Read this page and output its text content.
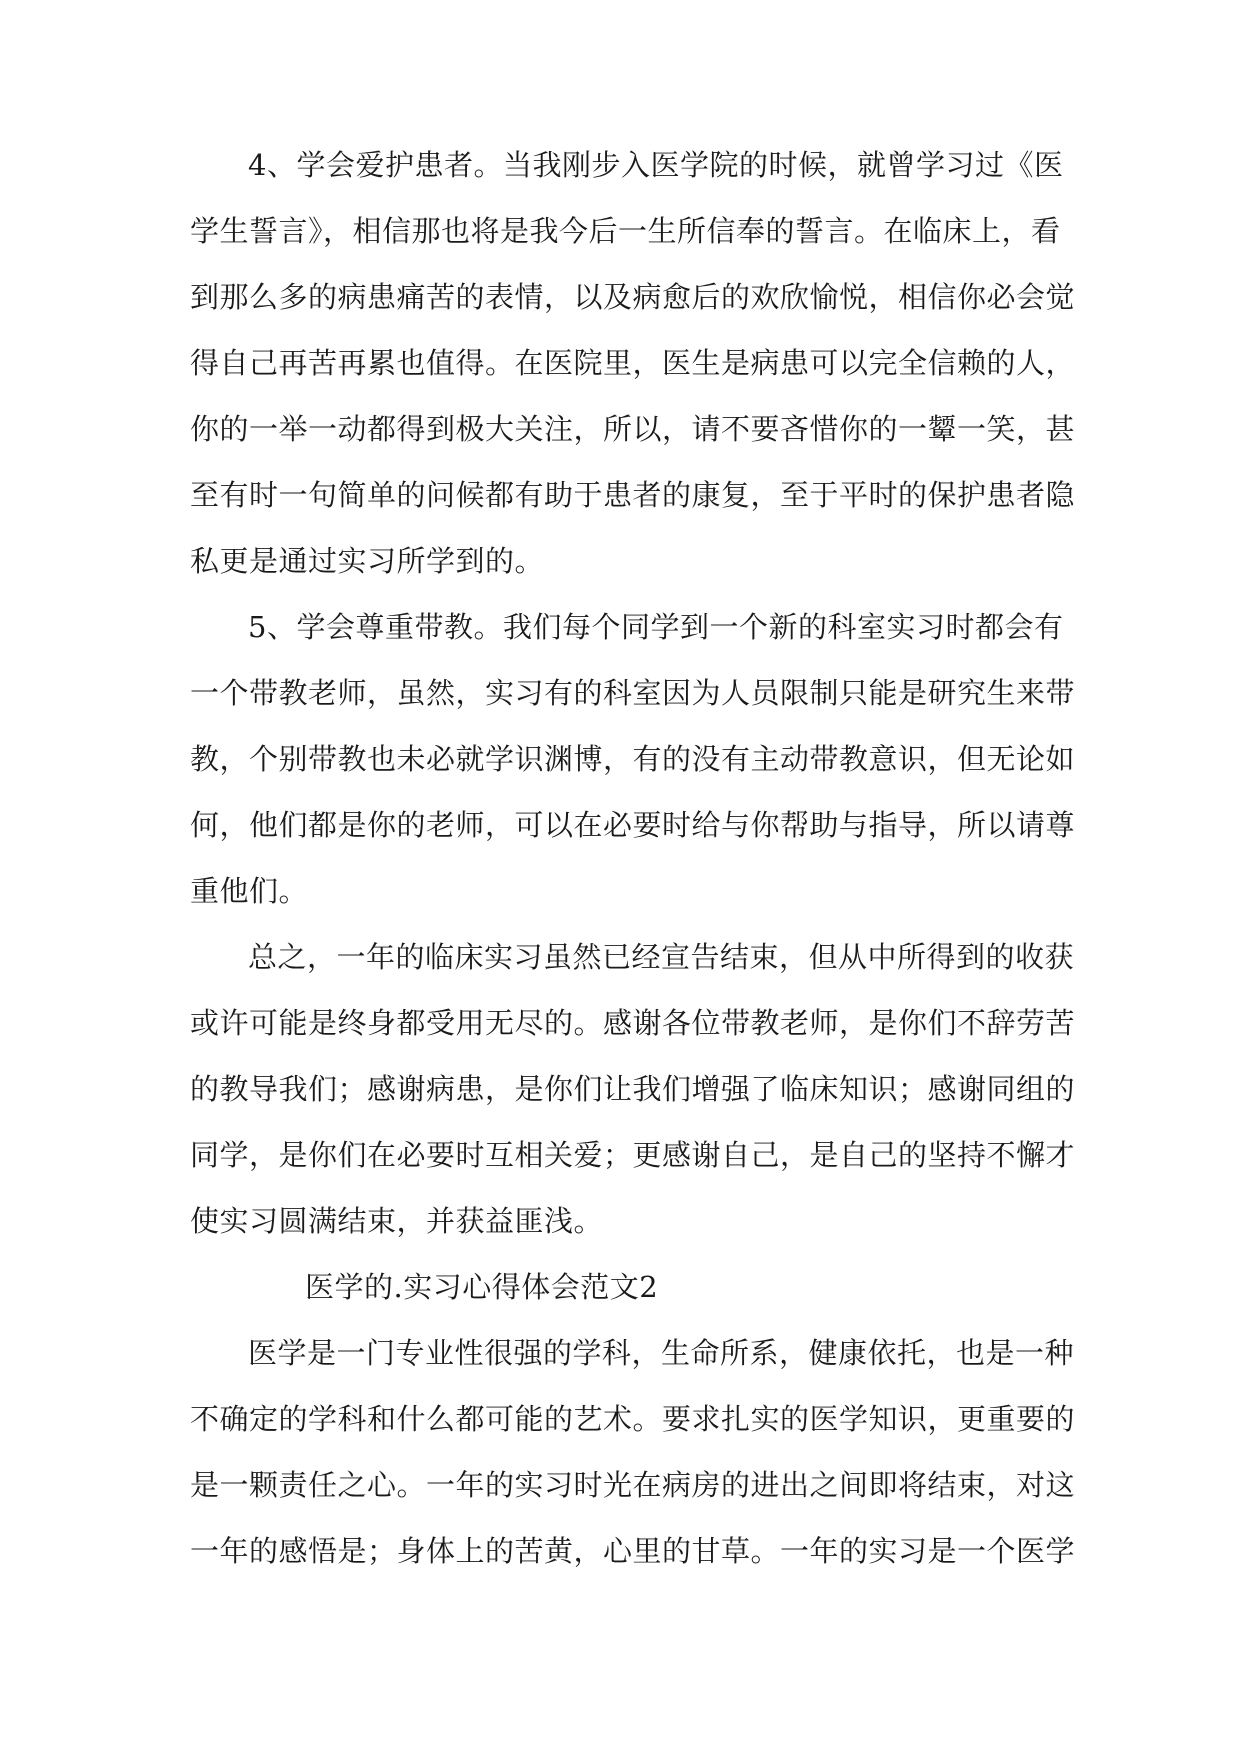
4、学会爱护患者。当我刚步入医学院的时候，就曾学习过《医
学生誓言》，相信那也将是我今后一生所信奉的誓言。在临床上，看
到那么多的病患痛苦的表情，以及病愈后的欢欣愉悦，相信你必会觉
得自己再苦再累也值得。在医院里，医生是病患可以完全信赖的人，
你的一举一动都得到极大关注，所以，请不要吝惜你的一颦一笑，甚
至有时一句简单的问候都有助于患者的康复，至于平时的保护患者隐
私更是通过实习所学到的。
5、学会尊重带教。我们每个同学到一个新的科室实习时都会有
一个带教老师，虽然，实习有的科室因为人员限制只能是研究生来带
教，个别带教也未必就学识渊博，有的没有主动带教意识，但无论如
何，他们都是你的老师，可以在必要时给与你帮助与指导，所以请尊
重他们。
总之，一年的临床实习虽然已经宣告结束，但从中所得到的收获
或许可能是终身都受用无尽的。感谢各位带教老师，是你们不辞劳苦
的教导我们；感谢病患，是你们让我们增强了临床知识；感谢同组的
同学，是你们在必要时互相关爱；更感谢自己，是自己的坚持不懈才
使实习圆满结束，并获益匪浅。
医学的.实习心得体会范文2
医学是一门专业性很强的学科，生命所系，健康依托，也是一种
不确定的学科和什么都可能的艺术。要求扎实的医学知识，更重要的
是一颗责任之心。一年的实习时光在病房的进出之间即将结束，对这
一年的感悟是；身体上的苦黄，心里的甘草。一年的实习是一个医学
